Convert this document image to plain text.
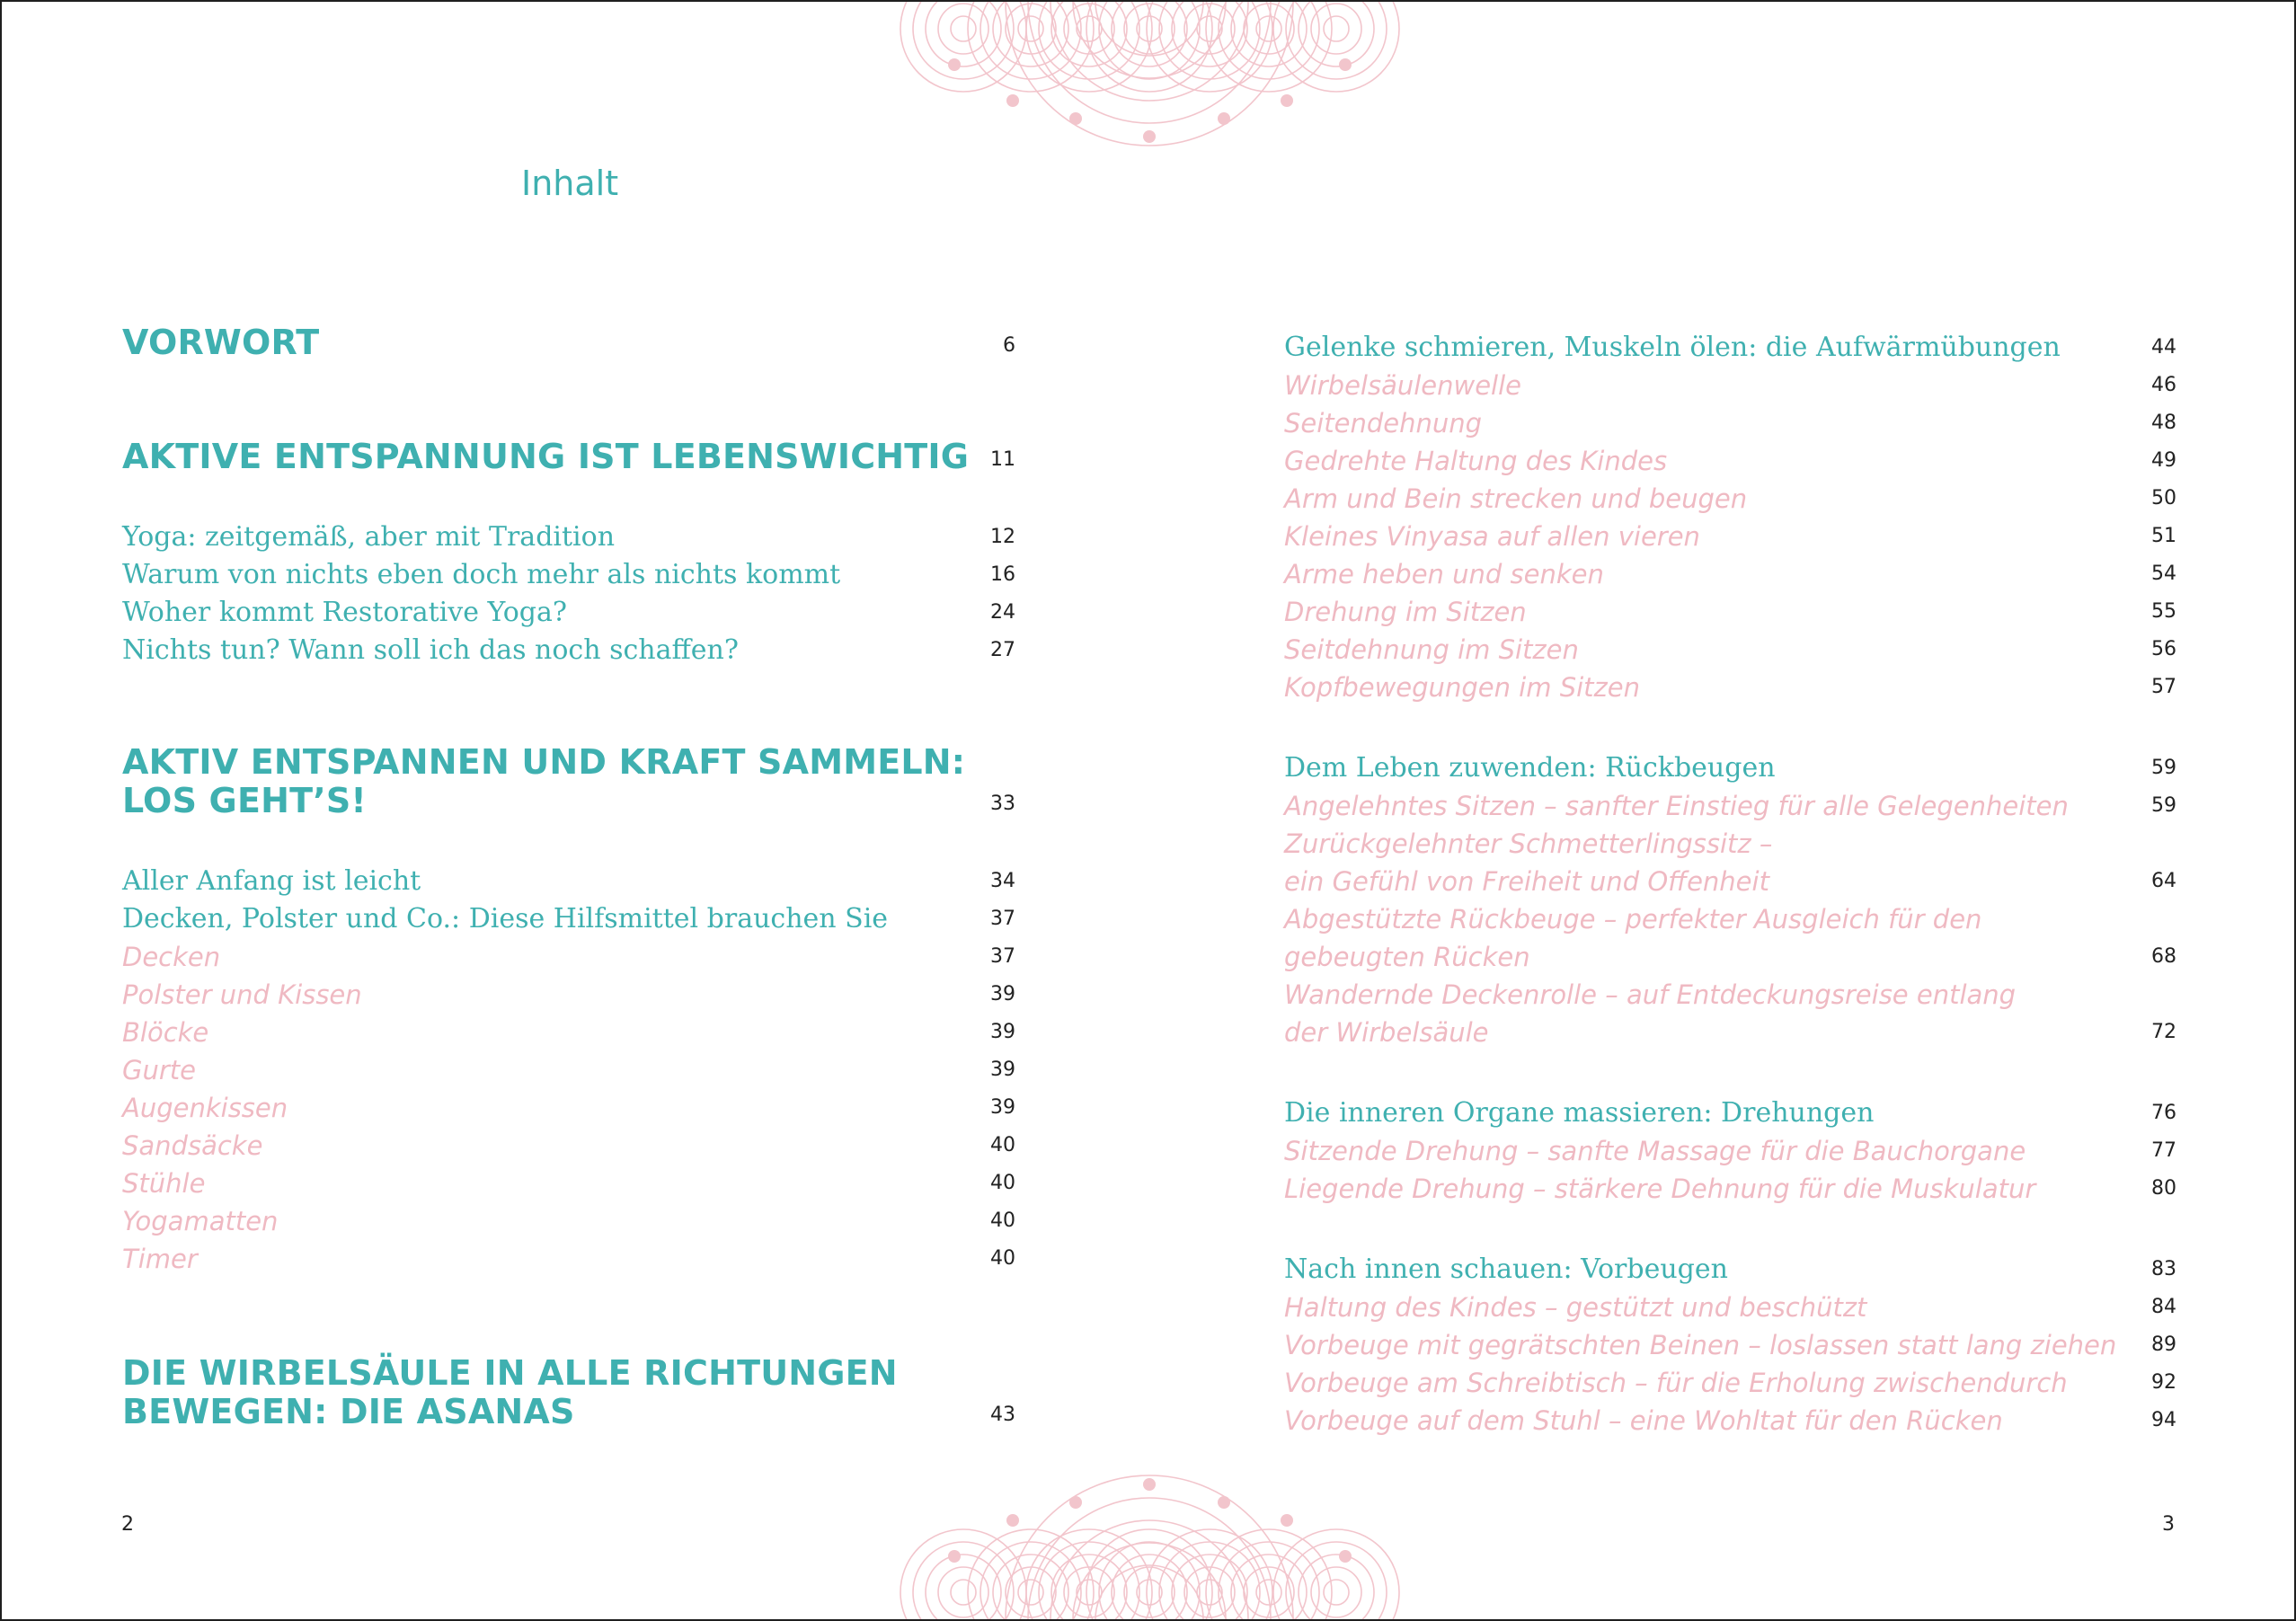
Inhalt
VORWORT	6
AKTIVE ENTSPANNUNG IST LEBENSWICHTIG 11
Yoga: zeitgemäß, aber mit Tradition	12
Warum von nichts eben doch mehr als nichts kommt	16
Woher kommt Restorative Yoga?	24
Nichts tun? Wann soll ich das noch schaffen?	27
AKTIV ENTSPANNEN UND KRAFT SAMMELN:
LOS GEHT’S!	33
Aller Anfang ist leicht	34
Decken, Polster und Co.: Diese Hilfsmittel brauchen Sie	37
Decken	37
Polster und Kissen	39
Blöcke	39
Gurte	39
Augenkissen	39
Sandsäcke	40
Stühle	40
Yogamatten	40
Timer	40
DIE WIRBELSÄULE IN ALLE RICHTUNGEN
BEWEGEN: DIE ASANAS	43
Gelenke schmieren, Muskeln ölen: die Aufwärmübungen	44
Wirbelsäulenwelle	46
Seitendehnung	48
Gedrehte Haltung des Kindes	49
Arm und Bein strecken und beugen	50
Kleines Vinyasa auf allen vieren	51
Arme heben und senken	54
Drehung im Sitzen	55
Seitdehnung im Sitzen	56
Kopfbewegungen im Sitzen	57
Dem Leben zuwenden: Rückbeugen	59
Angelehntes Sitzen – sanfter Einstieg für alle Gelegenheiten	59
Zurückgelehnter Schmetterlingssitz –
ein Gefühl von Freiheit und Offenheit	64
Abgestützte Rückbeuge – perfekter Ausgleich für den
gebeugten Rücken	68
Wandernde Deckenrolle – auf Entdeckungsreise entlang
der Wirbelsäule	72
Die inneren Organe massieren: Drehungen	76
Sitzende Drehung – sanfte Massage für die Bauchorgane	77
Liegende Drehung – stärkere Dehnung für die Muskulatur	80
Nach innen schauen: Vorbeugen	83
Haltung des Kindes – gestützt und beschützt	84
Vorbeuge mit gegrätschten Beinen – loslassen statt lang ziehen 89
Vorbeuge am Schreibtisch – für die Erholung zwischendurch	92
Vorbeuge auf dem Stuhl – eine Wohltat für den Rücken	94
2	3
